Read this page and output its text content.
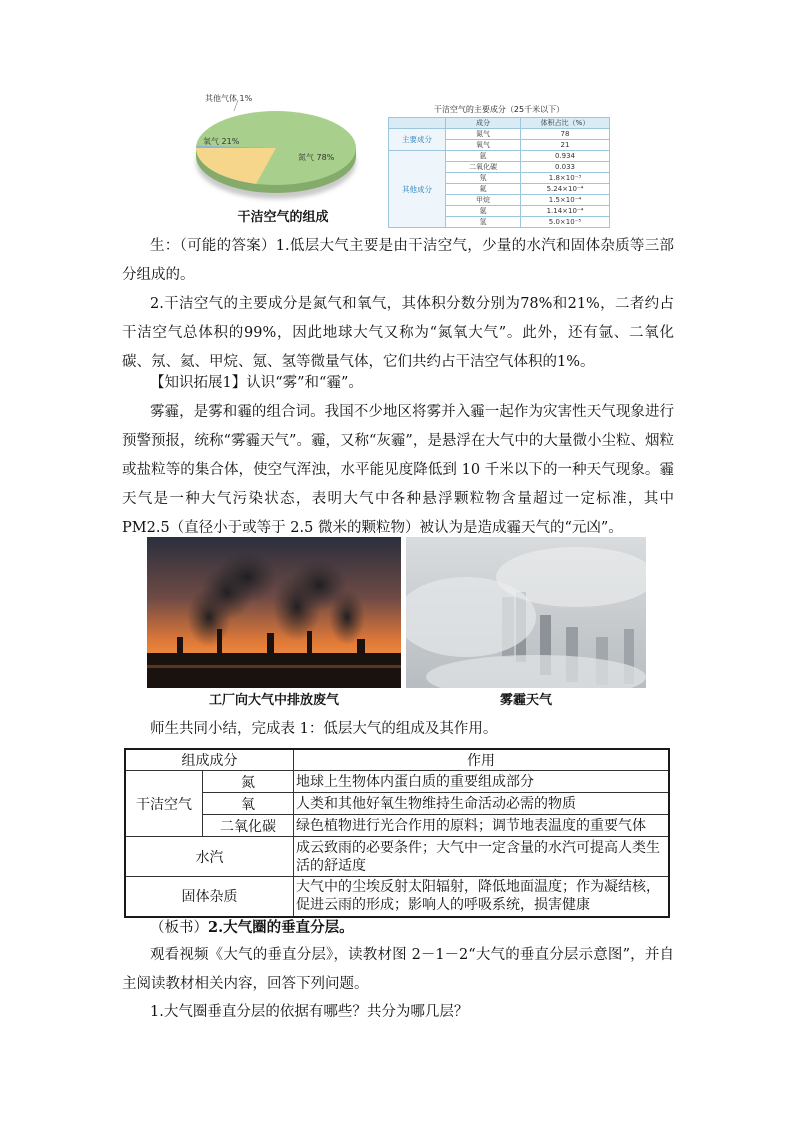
其他气体 1%
氧气 21%
氮气 78%
干洁空气的组成
干洁空气的主要成分（25千米以下）
	成分	体积占比（%）
主要成分	氮气	78
	氧气	21
其他成分	氩	0.934
	二氧化碳	0.033
	氖	1.8×10⁻³
	氦	5.24×10⁻⁴
	甲烷	1.5×10⁻⁴
	氪	1.14×10⁻⁴
	氢	5.0×10⁻⁵
生：（可能的答案）1.低层大气主要是由干洁空气，少量的水汽和固体杂质等三部分组成的。
2.干洁空气的主要成分是氮气和氧气，其体积分数分别为78%和21%，二者约占干洁空气总体积的99%，因此地球大气又称为“氮氧大气”。此外，还有氩、二氧化碳、氖、氦、甲烷、氪、氢等微量气体，它们共约占干洁空气体积的1%。
【知识拓展1】认识“雾”和“霾”。
雾霾，是雾和霾的组合词。我国不少地区将雾并入霾一起作为灾害性天气现象进行预警预报，统称“雾霾天气”。霾，又称“灰霾”，是悬浮在大气中的大量微小尘粒、烟粒或盐粒等的集合体，使空气浑浊，水平能见度降低到 10 千米以下的一种天气现象。霾天气是一种大气污染状态，表明大气中各种悬浮颗粒物含量超过一定标准，其中 PM2.5（直径小于或等于 2.5 微米的颗粒物）被认为是造成霾天气的“元凶”。
工厂向大气中排放废气	雾霾天气
师生共同小结，完成表 1：低层大气的组成及其作用。
组成成分		作用
干洁空气	氮	地球上生物体内蛋白质的重要组成部分
	氧	人类和其他好氧生物维持生命活动必需的物质
	二氧化碳	绿色植物进行光合作用的原料；调节地表温度的重要气体
水汽		成云致雨的必要条件；大气中一定含量的水汽可提高人类生活的舒适度
固体杂质		大气中的尘埃反射太阳辐射，降低地面温度；作为凝结核，促进云雨的形成；影响人的呼吸系统，损害健康
（板书）2.大气圈的垂直分层。
观看视频《大气的垂直分层》，读教材图 2－1－2“大气的垂直分层示意图”，并自主阅读教材相关内容，回答下列问题。
1.大气圈垂直分层的依据有哪些？共分为哪几层？
